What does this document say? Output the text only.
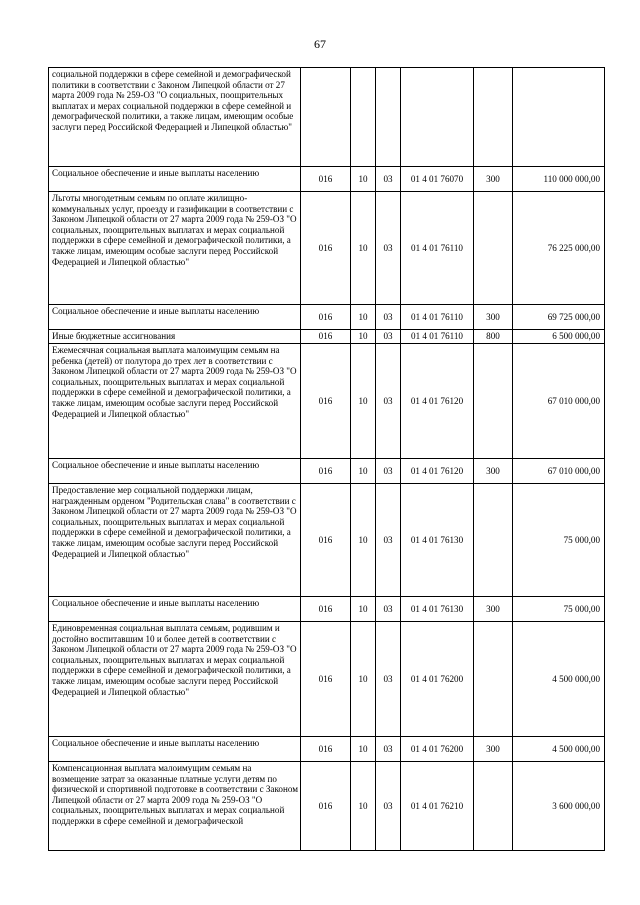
67
социальной поддержки в сфере семейной и демографической политики в соответствии с Законом Липецкой области от 27 марта 2009 года № 259-ОЗ "О социальных, поощрительных выплатах и мерах социальной поддержки в сфере семейной и демографической политики, а также лицам, имеющим особые заслуги перед Российской Федерацией и Липецкой областью"						
Социальное обеспечение и иные выплаты населению	016	10	03	01 4 01 76070	300	110 000 000,00
Льготы многодетным семьям по оплате жилищно-коммунальных услуг, проезду и газификации в соответствии с Законом Липецкой области от 27 марта 2009 года № 259-ОЗ "О социальных, поощрительных выплатах и мерах социальной поддержки в сфере семейной и демографической политики, а также лицам, имеющим особые заслуги перед Российской Федерацией и Липецкой областью"	016	10	03	01 4 01 76110		76 225 000,00
Социальное обеспечение и иные выплаты населению	016	10	03	01 4 01 76110	300	69 725 000,00
Иные бюджетные ассигнования	016	10	03	01 4 01 76110	800	6 500 000,00
Ежемесячная социальная выплата малоимущим семьям на ребенка (детей) от полутора до трех лет в соответствии с Законом Липецкой области от 27 марта 2009 года № 259-ОЗ "О социальных, поощрительных выплатах и мерах социальной поддержки в сфере семейной и демографической политики, а также лицам, имеющим особые заслуги перед Российской Федерацией и Липецкой областью"	016	10	03	01 4 01 76120		67 010 000,00
Социальное обеспечение и иные выплаты населению	016	10	03	01 4 01 76120	300	67 010 000,00
Предоставление мер социальной поддержки лицам, награжденным орденом "Родительская слава" в соответствии с Законом Липецкой области от 27 марта 2009 года № 259-ОЗ "О социальных, поощрительных выплатах и мерах социальной поддержки в сфере семейной и демографической политики, а также лицам, имеющим особые заслуги перед Российской Федерацией и Липецкой областью"	016	10	03	01 4 01 76130		75 000,00
Социальное обеспечение и иные выплаты населению	016	10	03	01 4 01 76130	300	75 000,00
Единовременная социальная выплата семьям, родившим и достойно воспитавшим 10 и более детей в соответствии с Законом Липецкой области от 27 марта 2009 года № 259-ОЗ "О социальных, поощрительных выплатах и мерах социальной поддержки в сфере семейной и демографической политики, а также лицам, имеющим особые заслуги перед Российской Федерацией и Липецкой областью"	016	10	03	01 4 01 76200		4 500 000,00
Социальное обеспечение и иные выплаты населению	016	10	03	01 4 01 76200	300	4 500 000,00
Компенсационная выплата малоимущим семьям на возмещение затрат за оказанные платные услуги детям по физической и спортивной подготовке в соответствии с Законом Липецкой области от 27 марта 2009 года № 259-ОЗ "О социальных, поощрительных выплатах и мерах социальной поддержки в сфере семейной и демографической	016	10	03	01 4 01 76210		3 600 000,00
